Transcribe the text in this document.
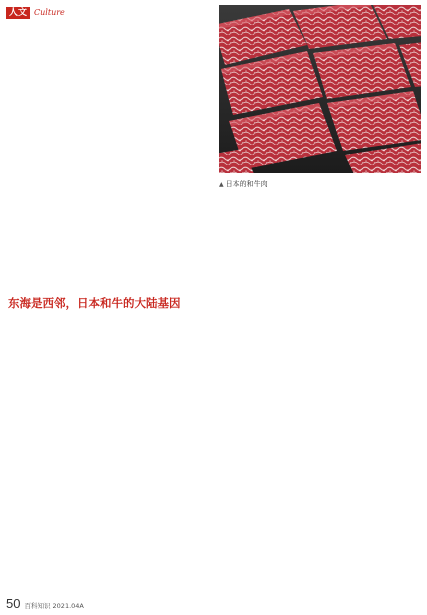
人文 Culture

东海是西邻，日本和牛的大陆基因
▲ 日本的和牛肉

50 百科知识 2021.04A
